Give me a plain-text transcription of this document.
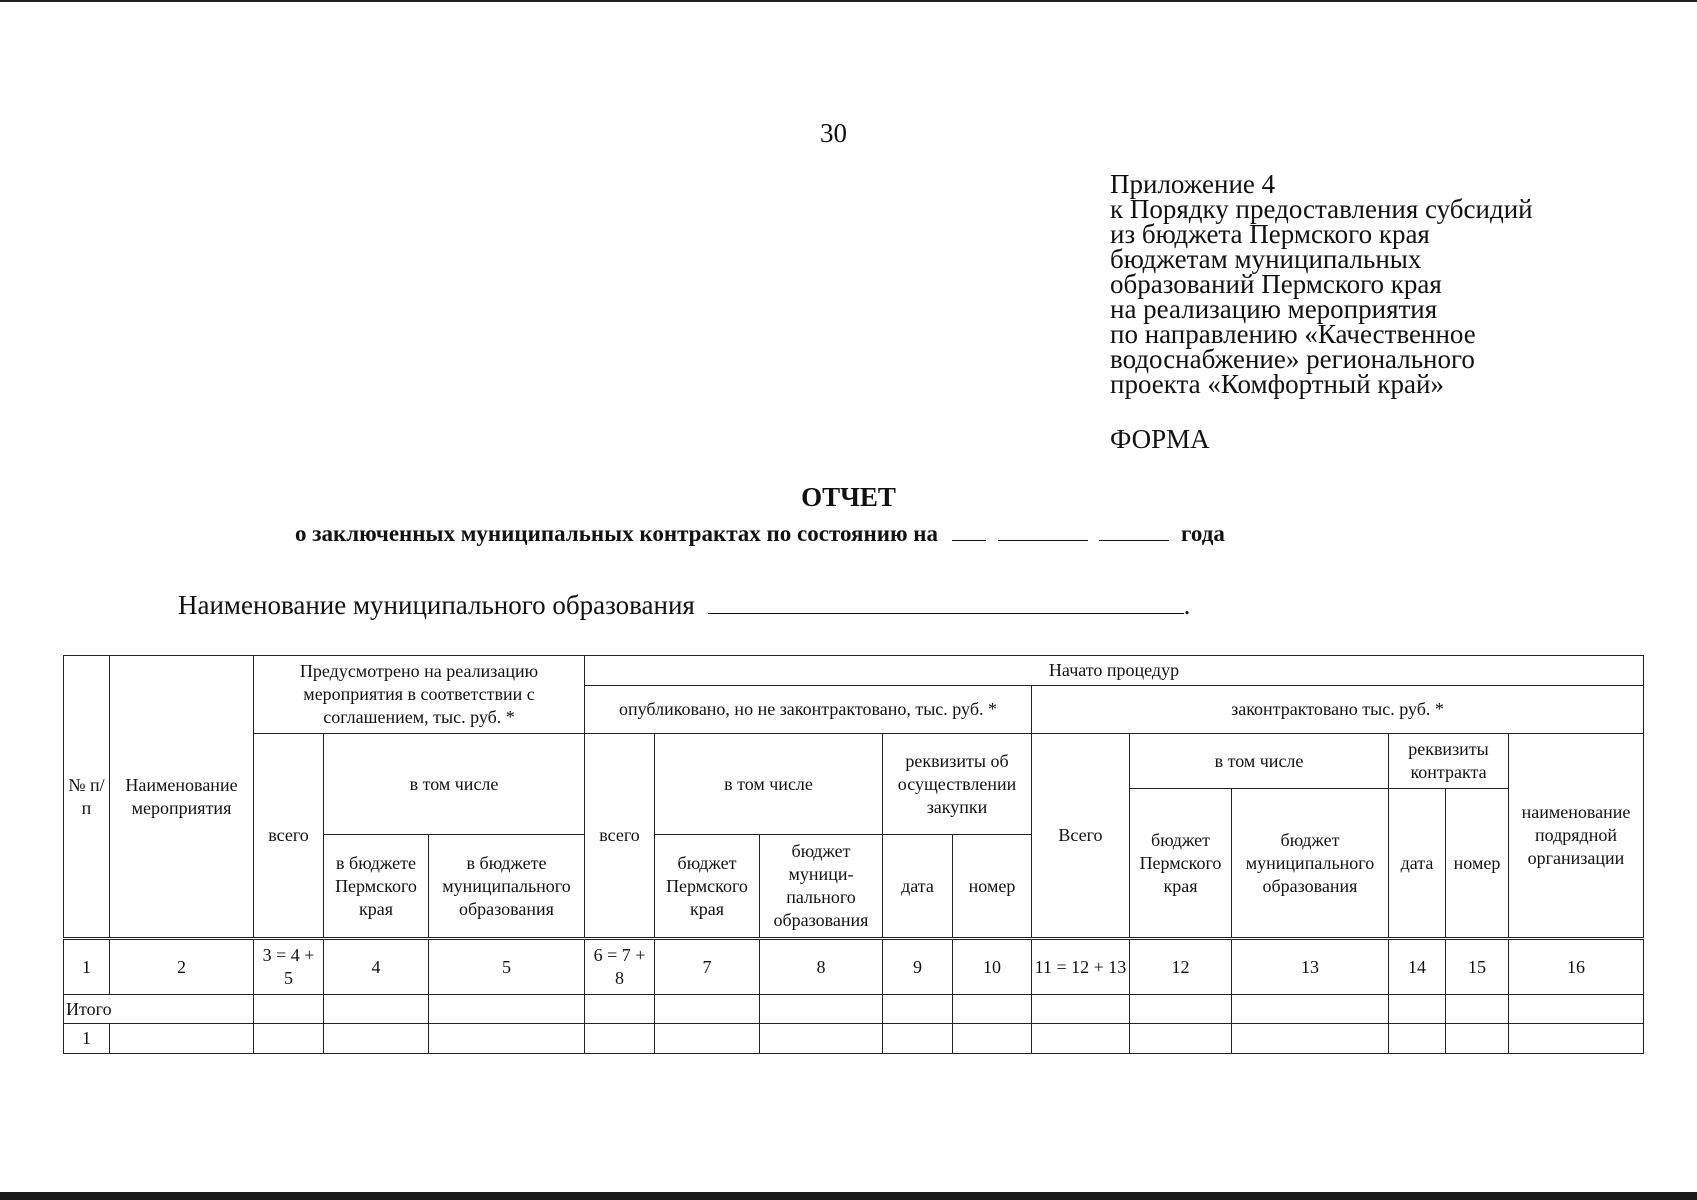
30
Приложение 4
к Порядку предоставления субсидий
из бюджета Пермского края
бюджетам муниципальных
образований Пермского края
на реализацию мероприятия
по направлению «Качественное
водоснабжение» регионального
проекта «Комфортный край»
ФОРМА
ОТЧЕТ
о заключенных муниципальных контрактах по состоянию на	года
Наименование муниципального образования	.
№ п/п	Наименование мероприятия	Предусмотрено на реализацию мероприятия в соответствии с соглашением, тыс. руб. *			Начато процедур										
					опубликовано, но не законтрактовано, тыс. руб. *					законтрактовано тыс. руб. *					
		всего	в том числе		всего	в том числе		реквизиты об осуществлении закупки		Всего	в том числе		реквизиты контракта		наименование подрядной организации
											бюджет Пермского края	бюджет муниципального образования	дата	номер	
			в бюджете Пермского края	в бюджете муниципального образования		бюджет Пермского края	бюджет муници-пального образования	дата	номер						
1	2	3 = 4 + 5	4	5	6 = 7 + 8	7	8	9	10	11 = 12 + 13	12	13	14	15	16
Итого															
1															
